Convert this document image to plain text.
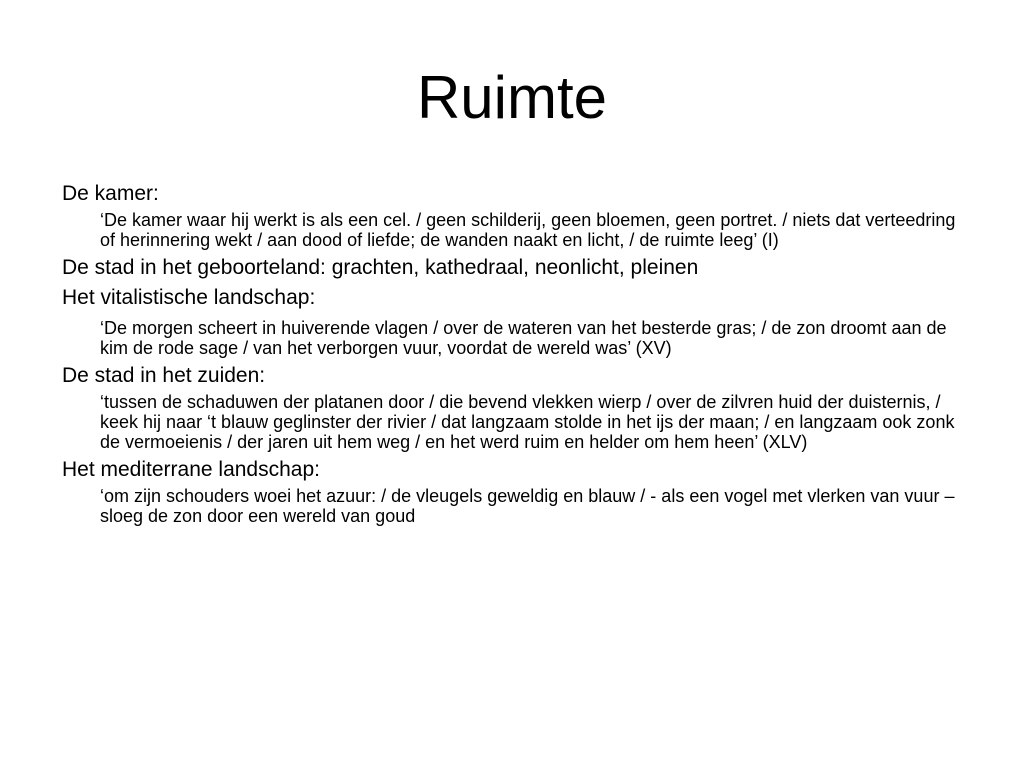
Ruimte

De kamer:

‘De kamer waar hij werkt is als een cel. / geen schilderij, geen bloemen, geen portret. / niets dat verteedring of herinnering wekt / aan dood of liefde; de wanden naakt en licht, / de ruimte leeg’ (I)

De stad in het geboorteland: grachten, kathedraal, neonlicht, pleinen

Het vitalistische landschap:

‘De morgen scheert in huiverende vlagen / over de wateren van het besterde gras; / de zon droomt aan de kim de rode sage / van het verborgen vuur, voordat de wereld was’ (XV)

De stad in het zuiden:

‘tussen de schaduwen der platanen door / die bevend vlekken wierp / over de zilvren huid der duisternis, / keek hij naar ‘t blauw geglinster der rivier / dat langzaam stolde in het ijs der maan; / en langzaam ook zonk de vermoeienis / der jaren uit hem weg / en het werd ruim en helder om hem heen’ (XLV)

Het mediterrane landschap:

‘om zijn schouders woei het azuur: / de vleugels geweldig en blauw / - als een vogel met vlerken van vuur – sloeg de zon door een wereld van goud
